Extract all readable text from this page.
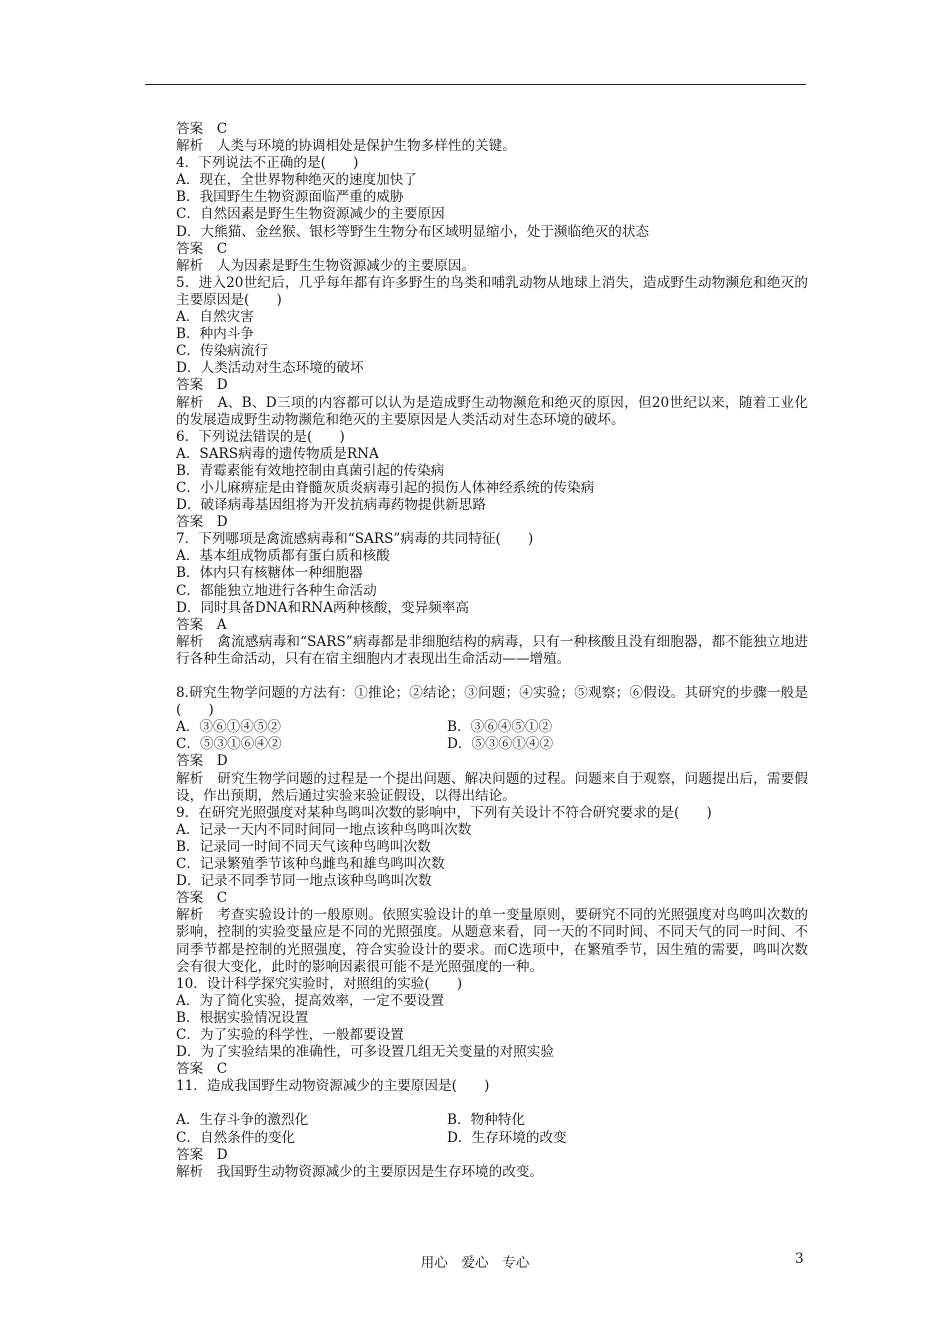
答案　C
解析　人类与环境的协调相处是保护生物多样性的关键。
4．下列说法不正确的是(　　)
A．现在，全世界物种绝灭的速度加快了
B．我国野生生物资源面临严重的威胁
C．自然因素是野生生物资源减少的主要原因
D．大熊猫、金丝猴、银杉等野生生物分布区域明显缩小，处于濒临绝灭的状态
答案　C
解析　人为因素是野生生物资源减少的主要原因。
5．进入20世纪后，几乎每年都有许多野生的鸟类和哺乳动物从地球上消失，造成野生动物濒危和绝灭的主要原因是(　　)
A．自然灾害
B．种内斗争
C．传染病流行
D．人类活动对生态环境的破坏
答案　D
解析　A、B、D三项的内容都可以认为是造成野生动物濒危和绝灭的原因，但20世纪以来，随着工业化的发展造成野生动物濒危和绝灭的主要原因是人类活动对生态环境的破坏。
6．下列说法错误的是(　　)
A．SARS病毒的遗传物质是RNA
B．青霉素能有效地控制由真菌引起的传染病
C．小儿麻痹症是由脊髓灰质炎病毒引起的损伤人体神经系统的传染病
D．破译病毒基因组将为开发抗病毒药物提供新思路
答案　D
7．下列哪项是禽流感病毒和“SARS”病毒的共同特征(　　)
A．基本组成物质都有蛋白质和核酸
B．体内只有核糖体一种细胞器
C．都能独立地进行各种生命活动
D．同时具备DNA和RNA两种核酸，变异频率高
答案　A
解析　禽流感病毒和“SARS”病毒都是非细胞结构的病毒，只有一种核酸且没有细胞器，都不能独立地进行各种生命活动，只有在宿主细胞内才表现出生命活动——增殖。
8.研究生物学问题的方法有：①推论；②结论；③问题；④实验；⑤观察；⑥假设。其研究的步骤一般是(　　)
A．③⑥①④⑤②	B．③⑥④⑤①②
C．⑤③①⑥④②	D．⑤③⑥①④②
答案　D
解析　研究生物学问题的过程是一个提出问题、解决问题的过程。问题来自于观察，问题提出后，需要假设，作出预期，然后通过实验来验证假设，以得出结论。
9．在研究光照强度对某种鸟鸣叫次数的影响中，下列有关设计不符合研究要求的是(　　)
A．记录一天内不同时间同一地点该种鸟鸣叫次数
B．记录同一时间不同天气该种鸟鸣叫次数
C．记录繁殖季节该种鸟雌鸟和雄鸟鸣叫次数
D．记录不同季节同一地点该种鸟鸣叫次数
答案　C
解析　考查实验设计的一般原则。依照实验设计的单一变量原则，要研究不同的光照强度对鸟鸣叫次数的影响，控制的实验变量应是不同的光照强度。从题意来看，同一天的不同时间、不同天气的同一时间、不同季节都是控制的光照强度，符合实验设计的要求。而C选项中，在繁殖季节，因生殖的需要，鸣叫次数会有很大变化，此时的影响因素很可能不是光照强度的一种。
10．设计科学探究实验时，对照组的实验(　　)
A．为了简化实验，提高效率，一定不要设置
B．根据实验情况设置
C．为了实验的科学性，一般都要设置
D．为了实验结果的准确性，可多设置几组无关变量的对照实验
答案　C
11．造成我国野生动物资源减少的主要原因是(　　)
A．生存斗争的激烈化	B．物种特化
C．自然条件的变化	D．生存环境的改变
答案　D
解析　我国野生动物资源减少的主要原因是生存环境的改变。
用心　爱心　专心	3
